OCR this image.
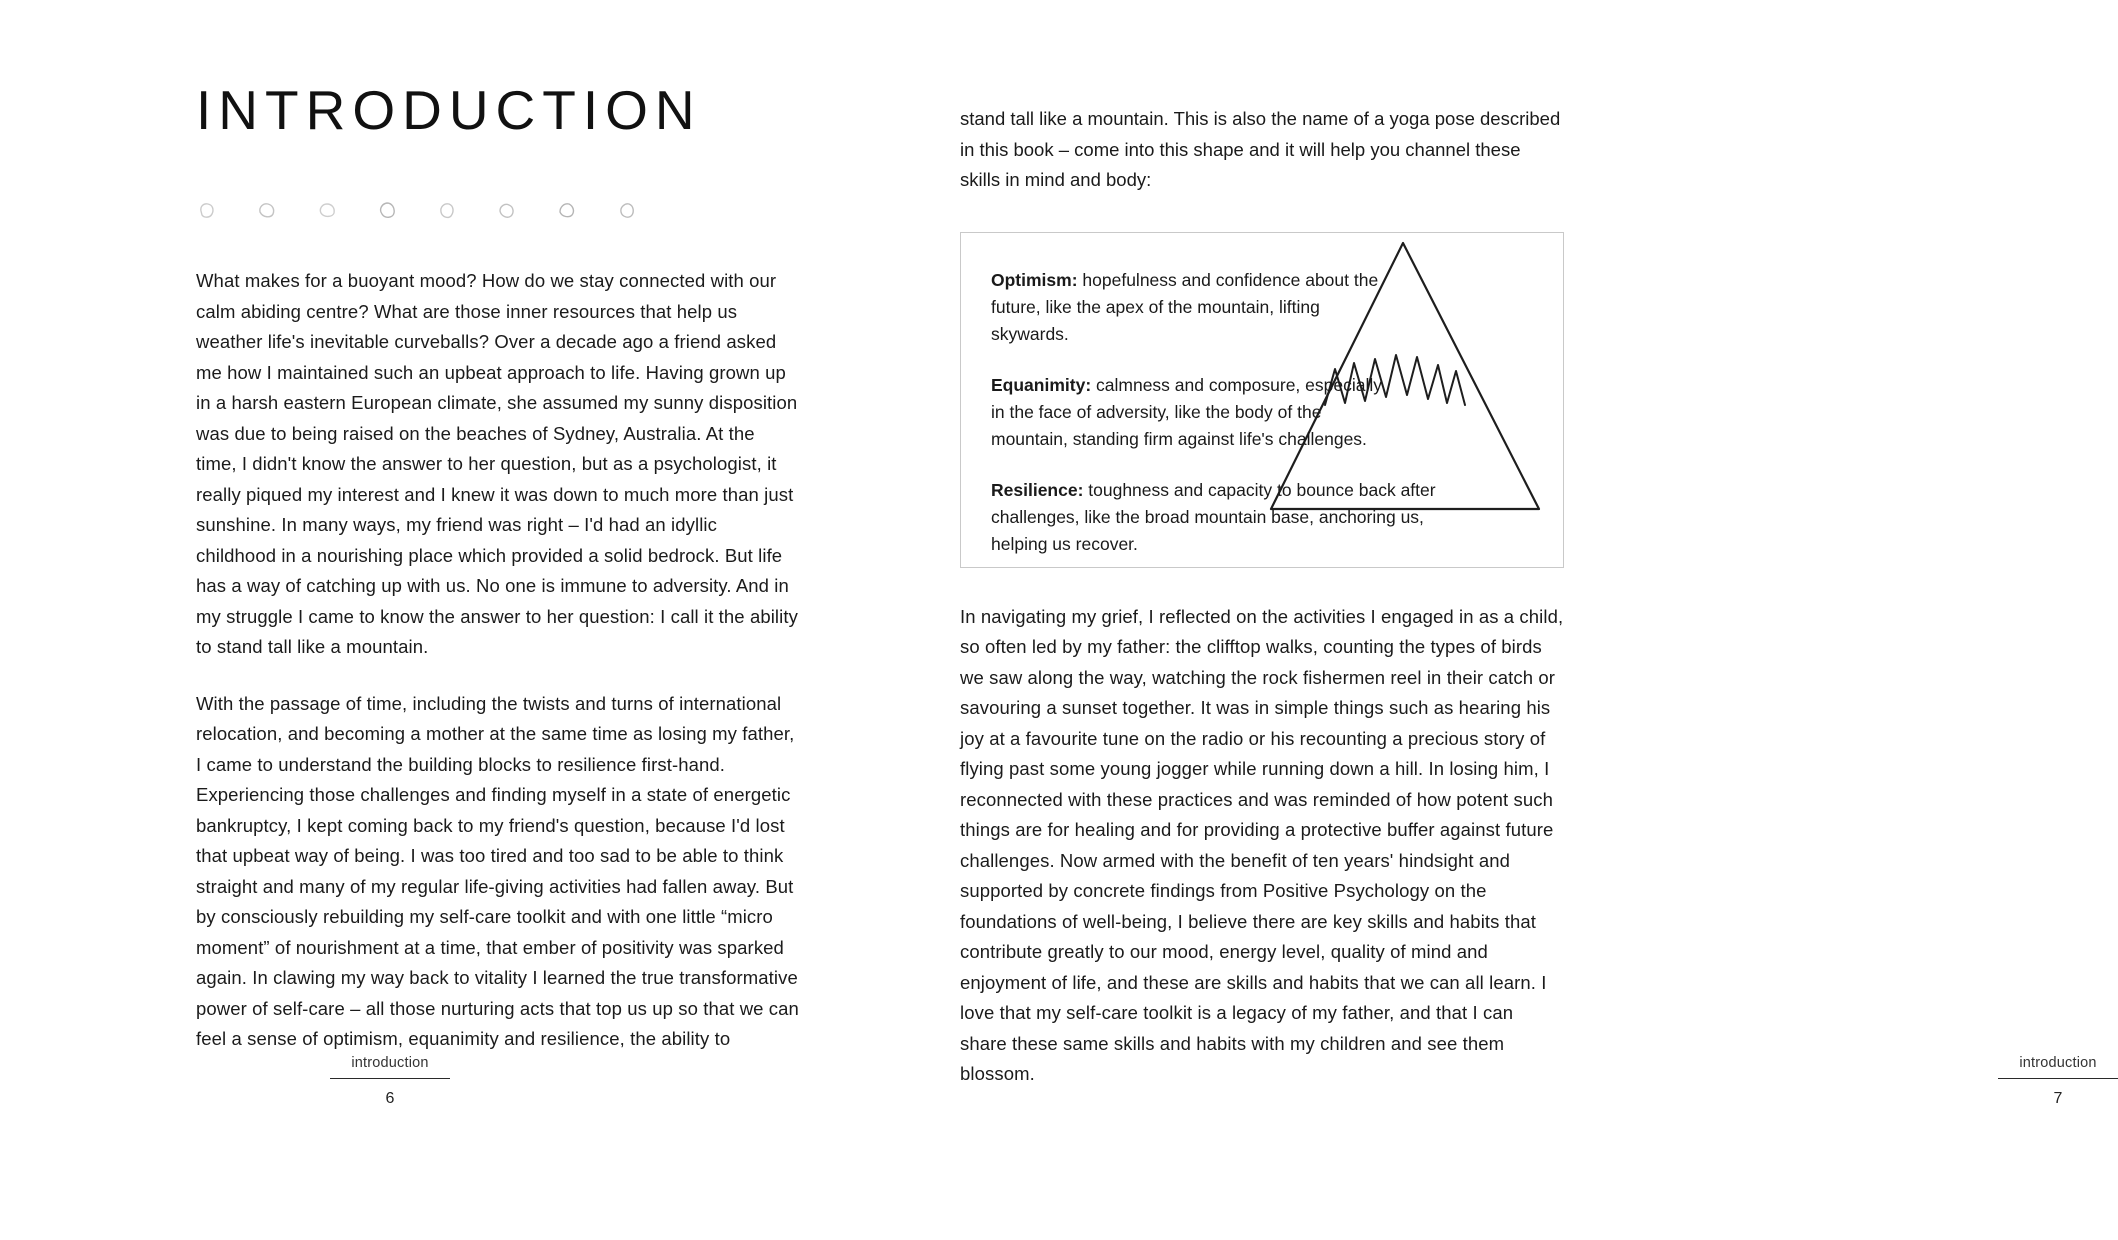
INTRODUCTION

What makes for a buoyant mood? How do we stay connected with our calm abiding centre? What are those inner resources that help us weather life's inevitable curveballs? Over a decade ago a friend asked me how I maintained such an upbeat approach to life. Having grown up in a harsh eastern European climate, she assumed my sunny disposition was due to being raised on the beaches of Sydney, Australia. At the time, I didn't know the answer to her question, but as a psychologist, it really piqued my interest and I knew it was down to much more than just sunshine. In many ways, my friend was right – I'd had an idyllic childhood in a nourishing place which provided a solid bedrock. But life has a way of catching up with us. No one is immune to adversity. And in my struggle I came to know the answer to her question: I call it the ability to stand tall like a mountain.

With the passage of time, including the twists and turns of international relocation, and becoming a mother at the same time as losing my father, I came to understand the building blocks to resilience first-hand. Experiencing those challenges and finding myself in a state of energetic bankruptcy, I kept coming back to my friend's question, because I'd lost that upbeat way of being. I was too tired and too sad to be able to think straight and many of my regular life-giving activities had fallen away. But by consciously rebuilding my self-care toolkit and with one little “micro moment” of nourishment at a time, that ember of positivity was sparked again. In clawing my way back to vitality I learned the true transformative power of self-care – all those nurturing acts that top us up so that we can feel a sense of optimism, equanimity and resilience, the ability to

introduction
6

stand tall like a mountain. This is also the name of a yoga pose described in this book – come into this shape and it will help you channel these skills in mind and body:

Optimism: hopefulness and confidence about the future, like the apex of the mountain, lifting skywards.
Equanimity: calmness and composure, especially in the face of adversity, like the body of the mountain, standing firm against life's challenges.
Resilience: toughness and capacity to bounce back after challenges, like the broad mountain base, anchoring us, helping us recover.

In navigating my grief, I reflected on the activities I engaged in as a child, so often led by my father: the clifftop walks, counting the types of birds we saw along the way, watching the rock fishermen reel in their catch or savouring a sunset together. It was in simple things such as hearing his joy at a favourite tune on the radio or his recounting a precious story of flying past some young jogger while running down a hill. In losing him, I reconnected with these practices and was reminded of how potent such things are for healing and for providing a protective buffer against future challenges. Now armed with the benefit of ten years' hindsight and supported by concrete findings from Positive Psychology on the foundations of well-being, I believe there are key skills and habits that contribute greatly to our mood, energy level, quality of mind and enjoyment of life, and these are skills and habits that we can all learn. I love that my self-care toolkit is a legacy of my father, and that I can share these same skills and habits with my children and see them blossom.	introduction
7
